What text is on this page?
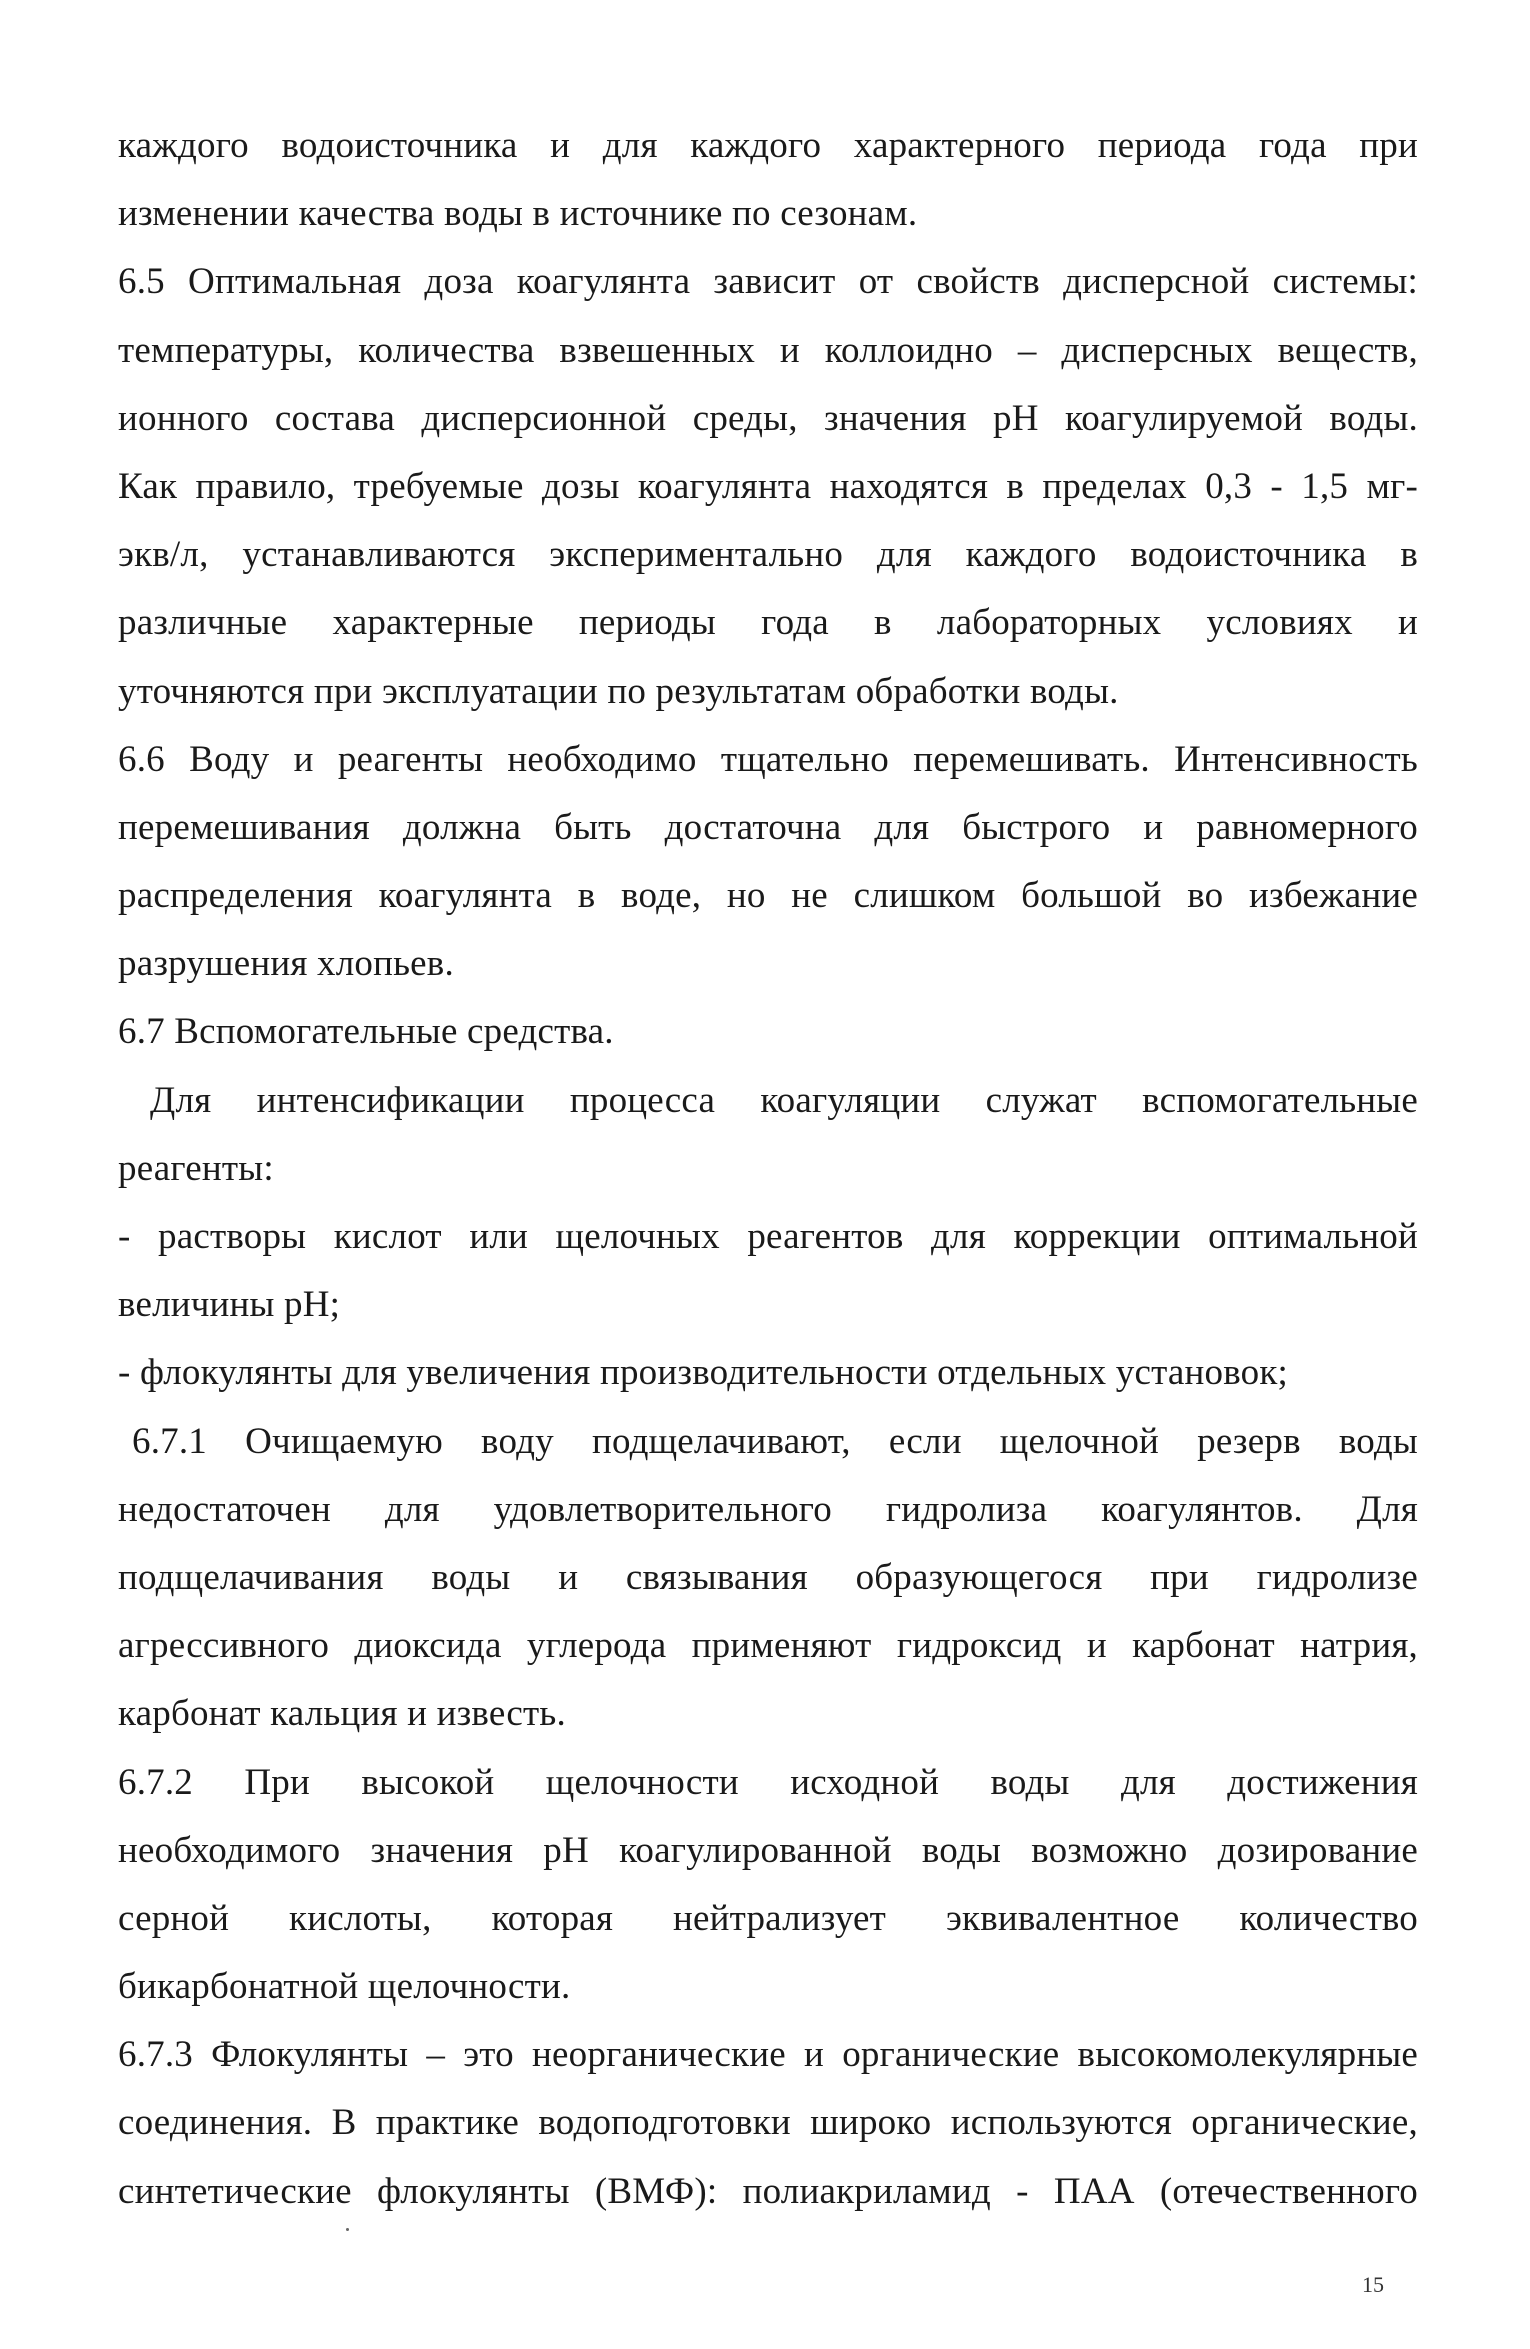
каждого водоисточника и для каждого характерного периода года при
изменении качества воды в источнике по сезонам.
6.5 Оптимальная доза коагулянта зависит от свойств дисперсной системы:
температуры, количества взвешенных и коллоидно – дисперсных веществ,
ионного состава дисперсионной среды, значения рН коагулируемой воды.
Как правило, требуемые дозы коагулянта находятся в пределах 0,3 - 1,5 мг-
экв/л, устанавливаются экспериментально для каждого водоисточника в
различные характерные периоды года в лабораторных условиях и
уточняются при эксплуатации по результатам обработки воды.
6.6 Воду и реагенты необходимо тщательно перемешивать. Интенсивность
перемешивания должна быть достаточна для быстрого и равномерного
распределения коагулянта в воде, но не слишком большой во избежание
разрушения хлопьев.
6.7 Вспомогательные средства.
Для интенсификации процесса коагуляции служат вспомогательные
реагенты:
- растворы кислот или щелочных реагентов для коррекции оптимальной
величины рН;
- флокулянты для увеличения производительности отдельных установок;
6.7.1 Очищаемую воду подщелачивают, если щелочной резерв воды
недостаточен для удовлетворительного гидролиза коагулянтов. Для
подщелачивания воды и связывания образующегося при гидролизе
агрессивного диоксида углерода применяют гидроксид и карбонат натрия,
карбонат кальция и известь.
6.7.2 При высокой щелочности исходной воды для достижения
необходимого значения рН коагулированной воды возможно дозирование
серной кислоты, которая нейтрализует эквивалентное количество
бикарбонатной щелочности.
6.7.3 Флокулянты – это неорганические и органические высокомолекулярные
соединения. В практике водоподготовки широко используются органические,
синтетические флокулянты (ВМФ): полиакриламид - ПАА (отечественного
15
